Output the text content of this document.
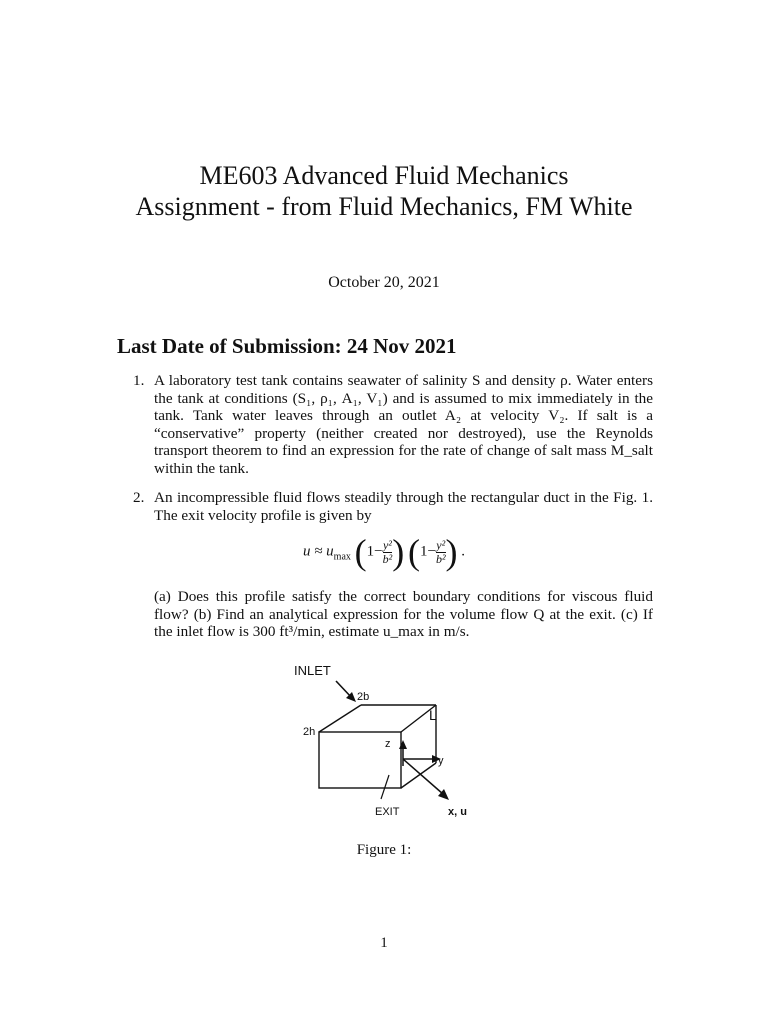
ME603 Advanced Fluid Mechanics
Assignment - from Fluid Mechanics, FM White
October 20, 2021
Last Date of Submission: 24 Nov 2021
1. A laboratory test tank contains seawater of salinity S and density ρ. Water enters the tank at conditions (S₁, ρ₁, A₁, V₁) and is assumed to mix immediately in the tank. Tank water leaves through an outlet A₂ at velocity V₂. If salt is a “conservative” property (neither created nor destroyed), use the Reynolds transport theorem to find an expression for the rate of change of salt mass M_salt within the tank.
2. An incompressible fluid flows steadily through the rectangular duct in the Fig. 1. The exit velocity profile is given by
$u \approx u_{max}$ ($1- \frac{\text{y²}}{\text{b²}}$ ) ($1- \frac{\text{y²}}{\text{b²}}$ ) .
(a) Does this profile satisfy the correct boundary conditions for viscous fluid flow? (b) Find an analytical expression for the volume flow Q at the exit. (c) If the inlet flow is 300 ft³/min, estimate u_max in m/s.
INLET
2b
2h
L
z
y
EXIT	x, u
Figure 1:
1
